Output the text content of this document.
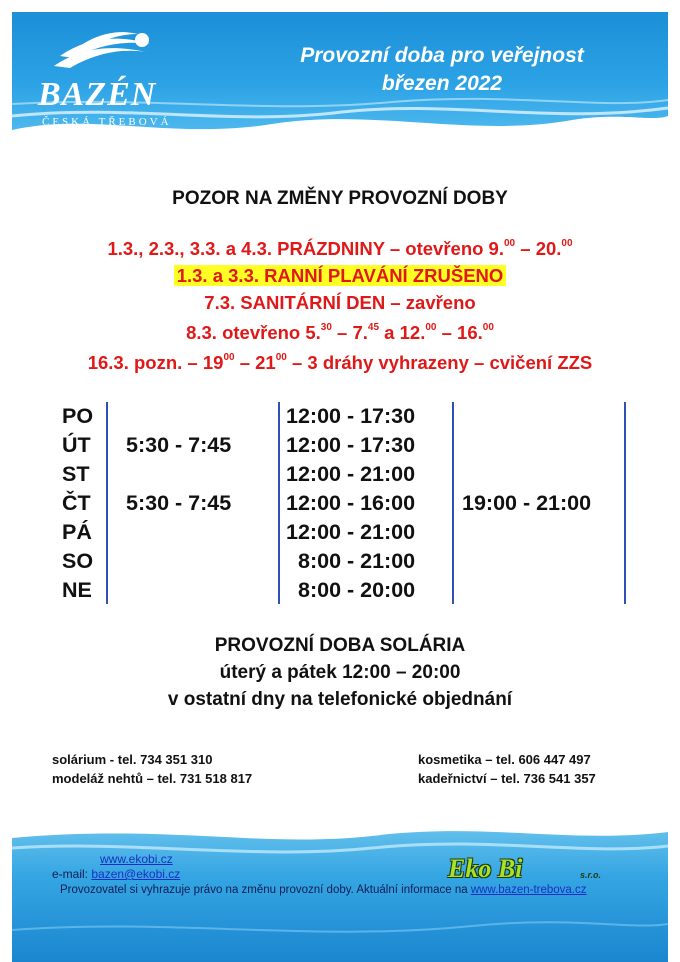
BAZÉN
ČESKÁ TŘEBOVÁ
Provozní doba pro veřejnost
březen 2022
POZOR NA ZMĚNY PROVOZNÍ DOBY
1.3., 2.3., 3.3. a 4.3. PRÁZDNINY – otevřeno 9.00 – 20.00
1.3. a 3.3. RANNÍ PLAVÁNÍ ZRUŠENO
7.3. SANITÁRNÍ DEN – zavřeno
8.3. otevřeno 5.30 – 7.45 a 12.00 – 16.00
16.3. pozn. – $19^{00} - 21^{00} - 3$ dráhy vyhrazeny – cvičení ZZS
PO	12:00 - 17:30
ÚT 5:30 - 7:45	12:00 - 17:30
ST	12:00 - 21:00
ČT 5:30 - 7:45	12:00 - 16:00	19:00 - 21:00
PÁ	12:00 - 21:00
SO	8:00 - 21:00
NE	8:00 - 20:00
PROVOZNÍ DOBA SOLÁRIA
úterý a pátek 12:00 – 20:00
v ostatní dny na telefonické objednání
solárium - tel. 734 351 310
modeláž nehtů – tel. 731 518 817
kosmetika – tel. 606 447 497
kadeřnictví – tel. 736 541 357
www.ekobi.cz
e-mail: bazen@ekobi.cz
Provozovatel si vyhrazuje právo na změnu provozní doby. Aktuální informace na www.bazen-trebova.cz
Eko Bi	s.r.o.
